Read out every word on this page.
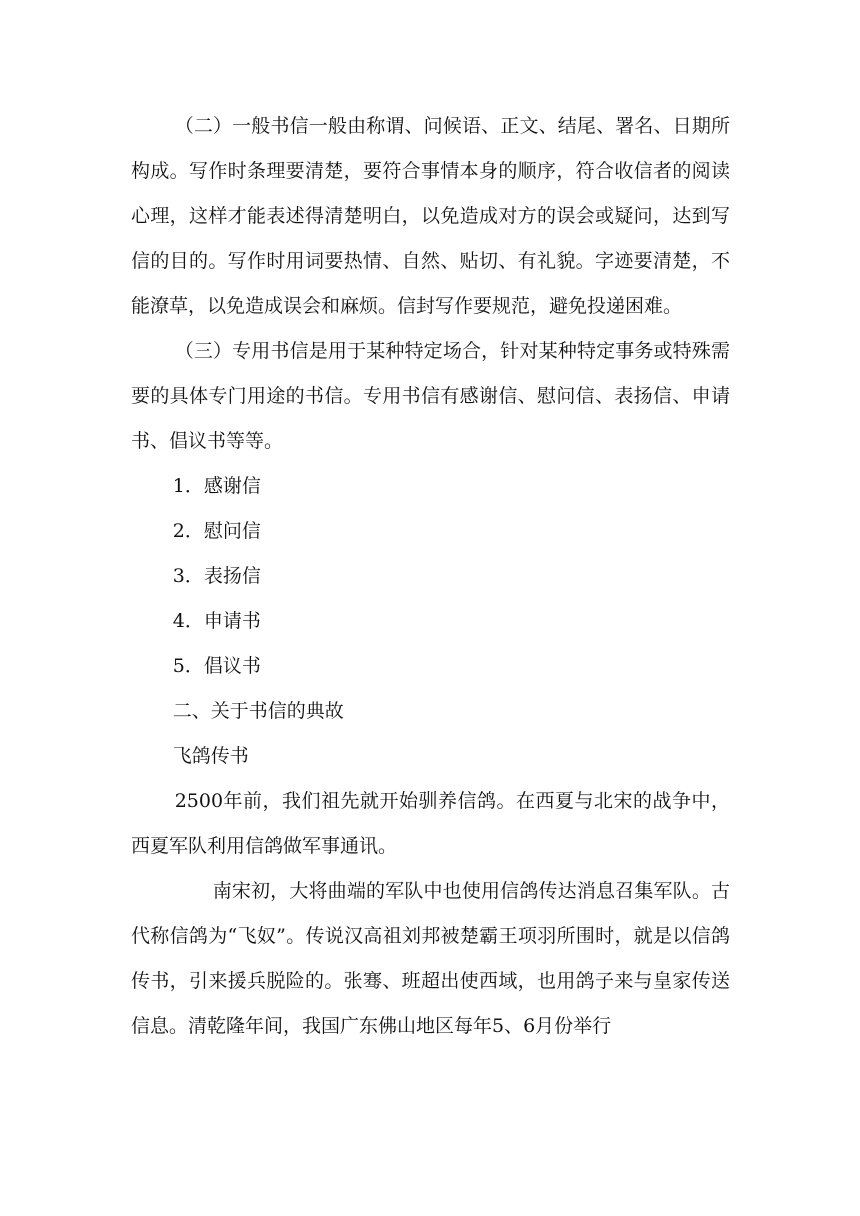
（二）一般书信一般由称谓、问候语、正文、结尾、署名、日期所构成。写作时条理要清楚，要符合事情本身的顺序，符合收信者的阅读心理，这样才能表述得清楚明白，以免造成对方的误会或疑问，达到写信的目的。写作时用词要热情、自然、贴切、有礼貌。字迹要清楚，不能潦草，以免造成误会和麻烦。信封写作要规范，避免投递困难。

（三）专用书信是用于某种特定场合，针对某种特定事务或特殊需要的具体专门用途的书信。专用书信有感谢信、慰问信、表扬信、申请书、倡议书等等。

1．感谢信

2．慰问信

3．表扬信

4．申请书

5．倡议书

二、关于书信的典故

飞鸽传书

2500年前，我们祖先就开始驯养信鸽。在西夏与北宋的战争中，西夏军队利用信鸽做军事通讯。

南宋初，大将曲端的军队中也使用信鸽传达消息召集军队。古代称信鸽为“飞奴”。传说汉高祖刘邦被楚霸王项羽所围时，就是以信鸽传书，引来援兵脱险的。张骞、班超出使西域，也用鸽子来与皇家传送信息。清乾隆年间，我国广东佛山地区每年5、6月份举行
